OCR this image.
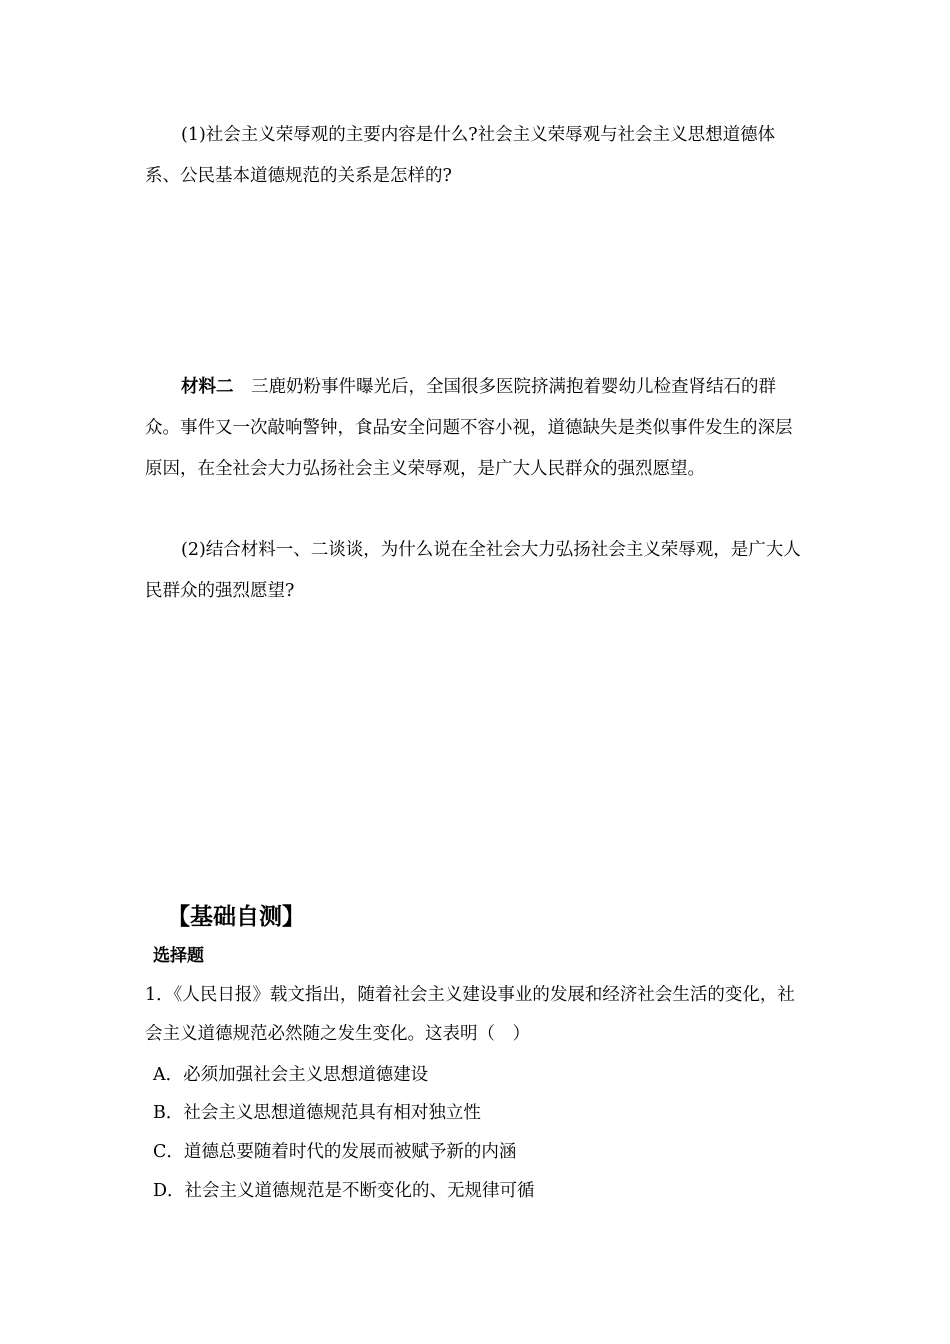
(1)社会主义荣辱观的主要内容是什么?社会主义荣辱观与社会主义思想道德体系、公民基本道德规范的关系是怎样的?

材料二　 三鹿奶粉事件曝光后，全国很多医院挤满抱着婴幼儿检查肾结石的群众。事件又一次敲响警钟，食品安全问题不容小视，道德缺失是类似事件发生的深层原因，在全社会大力弘扬社会主义荣辱观，是广大人民群众的强烈愿望。

(2)结合材料一、二谈谈，为什么说在全社会大力弘扬社会主义荣辱观，是广大人民群众的强烈愿望?

【基础自测】

选择题

1．《人民日报》载文指出，随着社会主义建设事业的发展和经济社会生活的变化，社会主义道德规范必然随之发生变化。这表明（　）

A．必须加强社会主义思想道德建设

B．社会主义思想道德规范具有相对独立性

C．道德总要随着时代的发展而被赋予新的内涵

D．社会主义道德规范是不断变化的、无规律可循
